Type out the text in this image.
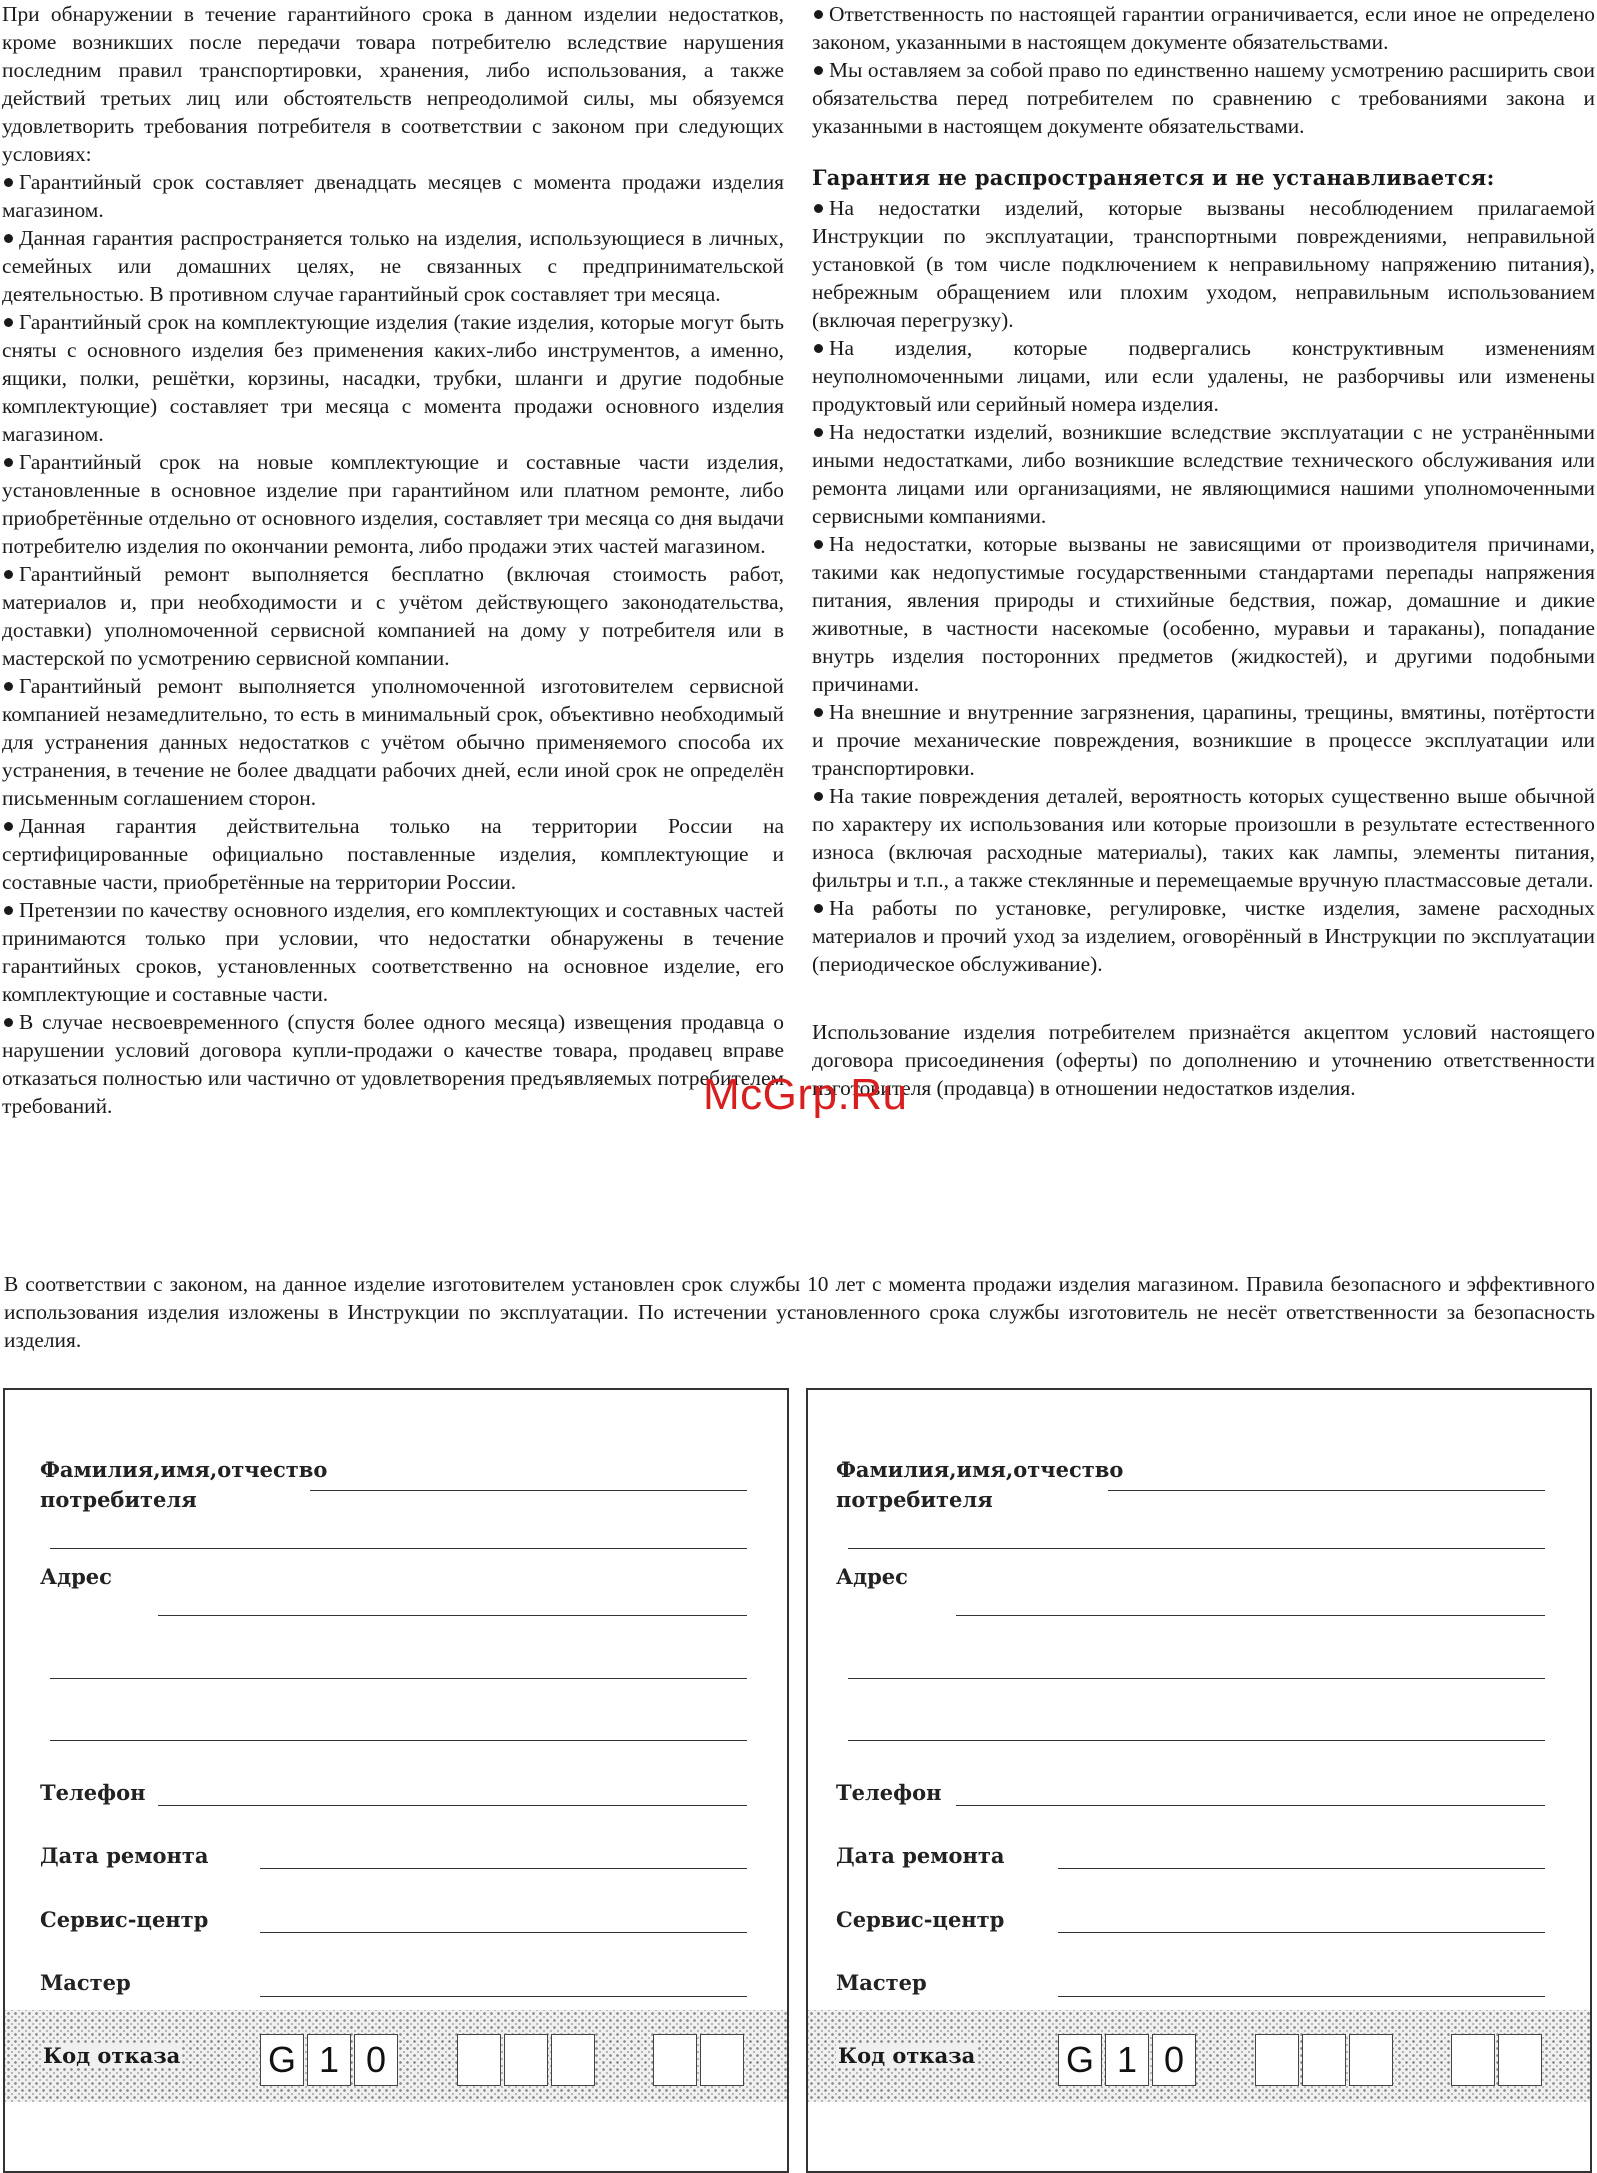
При обнаружении в течение гарантийного срока в данном изделии недостатков, кроме возникших после передачи товара потребителю вследствие нарушения последним правил транспортировки, хранения, либо использования, а также действий третьих лиц или обстоятельств непреодолимой силы, мы обязуемся удовлетворить требования потребителя в соответствии с законом при следующих условиях:

Гарантийный срок составляет двенадцать месяцев с момента продажи изделия магазином.

Данная гарантия распространяется только на изделия, использующиеся в личных, семейных или домашних целях, не связанных с предпринимательской деятельностью. В противном случае гарантийный срок составляет три месяца.

Гарантийный срок на комплектующие изделия (такие изделия, которые могут быть сняты с основного изделия без применения каких-либо инструментов, а именно, ящики, полки, решётки, корзины, насадки, трубки, шланги и другие подобные комплектующие) составляет три месяца с момента продажи основного изделия магазином.

Гарантийный срок на новые комплектующие и составные части изделия, установленные в основное изделие при гарантийном или платном ремонте, либо приобретённые отдельно от основного изделия, составляет три месяца со дня выдачи потребителю изделия по окончании ремонта, либо продажи этих частей магазином.

Гарантийный ремонт выполняется бесплатно (включая стоимость работ, материалов и, при необходимости и с учётом действующего законодательства, доставки) уполномоченной сервисной компанией на дому у потребителя или в мастерской по усмотрению сервисной компании.

Гарантийный ремонт выполняется уполномоченной изготовителем сервисной компанией незамедлительно, то есть в минимальный срок, объективно необходимый для устранения данных недостатков с учётом обычно применяемого способа их устранения, в течение не более двадцати рабочих дней, если иной срок не определён письменным соглашением сторон.

Данная гарантия действительна только на территории России на сертифицированные официально поставленные изделия, комплектующие и составные части, приобретённые на территории России.

Претензии по качеству основного изделия, его комплектующих и составных частей принимаются только при условии, что недостатки обнаружены в течение гарантийных сроков, установленных соответственно на основное изделие, его комплектующие и составные части.

В случае несвоевременного (спустя более одного месяца) извещения продавца о нарушении условий договора купли-продажи о качестве товара, продавец вправе отказаться полностью или частично от удовлетворения предъявляемых потребителем требований.

Ответственность по настоящей гарантии ограничивается, если иное не определено законом, указанными в настоящем документе обязательствами.

Мы оставляем за собой право по единственно нашему усмотрению расширить свои обязательства перед потребителем по сравнению с требованиями закона и указанными в настоящем документе обязательствами.

Гарантия не распространяется и не устанавливается:

На недостатки изделий, которые вызваны несоблюдением прилагаемой Инструкции по эксплуатации, транспортными повреждениями, неправильной установкой (в том числе подключением к неправильному напряжению питания), небрежным обращением или плохим уходом, неправильным использованием (включая перегрузку).

На изделия, которые подвергались конструктивным изменениям неуполномоченными лицами, или если удалены, не разборчивы или изменены продуктовый или серийный номера изделия.

На недостатки изделий, возникшие вследствие эксплуатации с не устранёнными иными недостатками, либо возникшие вследствие технического обслуживания или ремонта лицами или организациями, не являющимися нашими уполномоченными сервисными компаниями.

На недостатки, которые вызваны не зависящими от производителя причинами, такими как недопустимые государственными стандартами перепады напряжения питания, явления природы и стихийные бедствия, пожар, домашние и дикие животные, в частности насекомые (особенно, муравьи и тараканы), попадание внутрь изделия посторонних предметов (жидкостей), и другими подобными причинами.

На внешние и внутренние загрязнения, царапины, трещины, вмятины, потёртости и прочие механические повреждения, возникшие в процессе эксплуатации или транспортировки.

На такие повреждения деталей, вероятность которых существенно выше обычной по характеру их использования или которые произошли в результате естественного износа (включая расходные материалы), таких как лампы, элементы питания, фильтры и т.п., а также стеклянные и перемещаемые вручную пластмассовые детали.

На работы по установке, регулировке, чистке изделия, замене расходных материалов и прочий уход за изделием, оговорённый в Инструкции по эксплуатации (периодическое обслуживание).

Использование изделия потребителем признаётся акцептом условий настоящего договора присоединения (оферты) по дополнению и уточнению ответственности изготовителя (продавца) в отношении недостатков изделия.

McGrp.Ru

В соответствии с законом, на данное изделие изготовителем установлен срок службы 10 лет с момента продажи изделия магазином. Правила безопасного и эффективного использования изделия изложены в Инструкции по эксплуатации. По истечении установленного срока службы изготовитель не несёт ответственности за безопасность изделия.

Фамилия,имя,отчество
потребителя
Адрес
Телефон
Дата ремонта
Сервис-центр
Мастер
Код отказа G 1 0
Фамилия,имя,отчество
потребителя
Адрес
Телефон
Дата ремонта
Сервис-центр
Мастер
Код отказа	G 1 0
